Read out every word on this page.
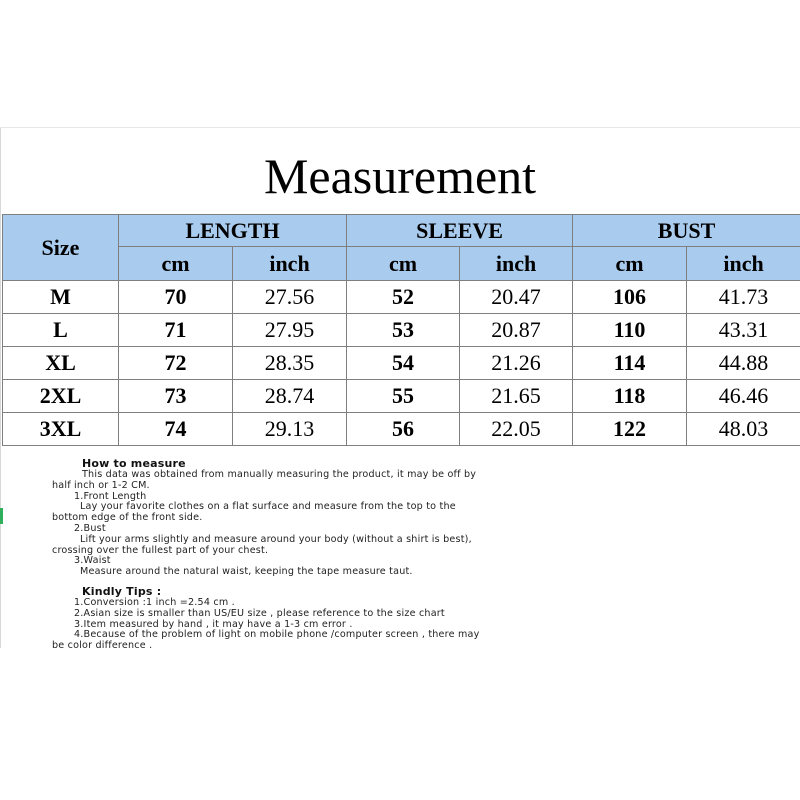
Measurement
Size	LENGTH		SLEEVE		BUST	
	cm	inch	cm	inch	cm	inch
M	70	27.56	52	20.47	106	41.73
L	71	27.95	53	20.87	110	43.31
XL	72	28.35	54	21.26	114	44.88
2XL	73	28.74	55	21.65	118	46.46
3XL	74	29.13	56	22.05	122	48.03
How to measure
This data was obtained from manually measuring the product, it may be off by
half inch or 1-2 CM.
1.Front Length
Lay your favorite clothes on a flat surface and measure from the top to the
bottom edge of the front side.
2.Bust
Lift your arms slightly and measure around your body (without a shirt is best),
crossing over the fullest part of your chest.
3.Waist
Measure around the natural waist, keeping the tape measure taut.
Kindly Tips :
1.Conversion :1 inch =2.54 cm .
2.Asian size is smaller than US/EU size , please reference to the size chart
3.Item measured by hand , it may have a 1-3 cm error .
4.Because of the problem of light on mobile phone /computer screen , there may
be color difference .
